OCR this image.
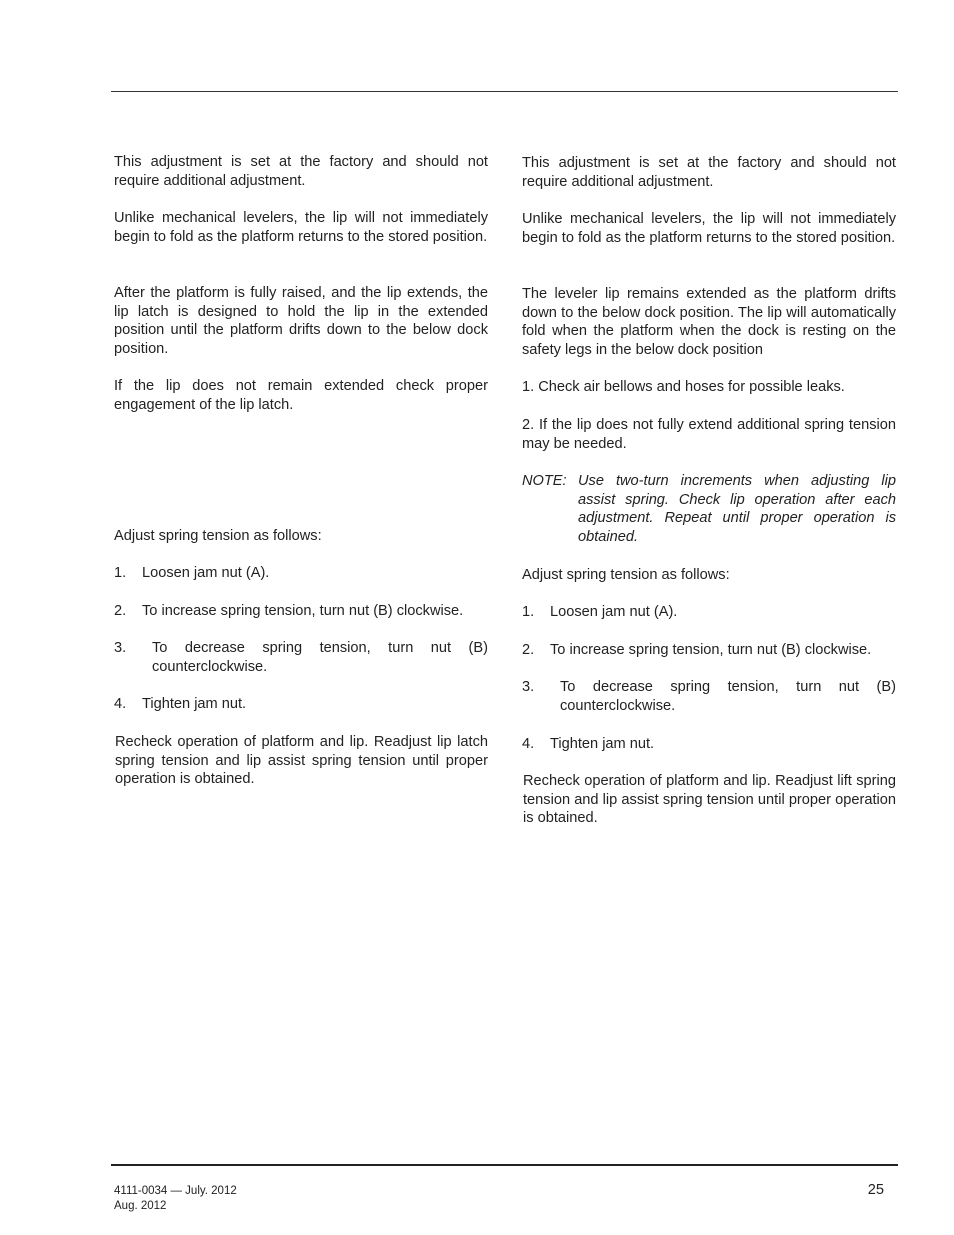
This adjustment is set at the factory and should not require additional adjustment.

Unlike mechanical levelers, the lip will not immediately begin to fold as the platform returns to the stored position.

After the platform is fully raised, and the lip extends, the lip latch is designed to hold the lip in the extended position until the platform drifts down to the below dock position.

If the lip does not remain extended check proper engagement of the lip latch.

Adjust spring tension as follows:

1.	Loosen jam nut (A).
2.	To increase spring tension, turn nut (B) clockwise.
3.	To decrease spring tension, turn nut (B) counterclockwise.
4.	Tighten jam nut.

Recheck operation of platform and lip. Readjust lip latch spring tension and lip assist spring tension until proper operation is obtained.

This adjustment is set at the factory and should not require additional adjustment.

Unlike mechanical levelers, the lip will not immediately begin to fold as the platform returns to the stored position.

The leveler lip remains extended as the platform drifts down to the below dock position. The lip will automatically fold when the platform when the dock is resting on the safety legs in the below dock position

1. Check air bellows and hoses for possible leaks.

2. If the lip does not fully extend additional spring tension may be needed.

NOTE: Use two-turn increments when adjusting lip assist spring. Check lip operation after each adjustment. Repeat until proper operation is obtained.

Adjust spring tension as follows:

1.	Loosen jam nut (A).
2.	To increase spring tension, turn nut (B) clockwise.
3.	To decrease spring tension, turn nut (B) counterclockwise.
4.	Tighten jam nut.

Recheck operation of platform and lip. Readjust lift spring tension and lip assist spring tension until proper operation is obtained.

4111-0034 — July. 2012
Aug. 2012
25
